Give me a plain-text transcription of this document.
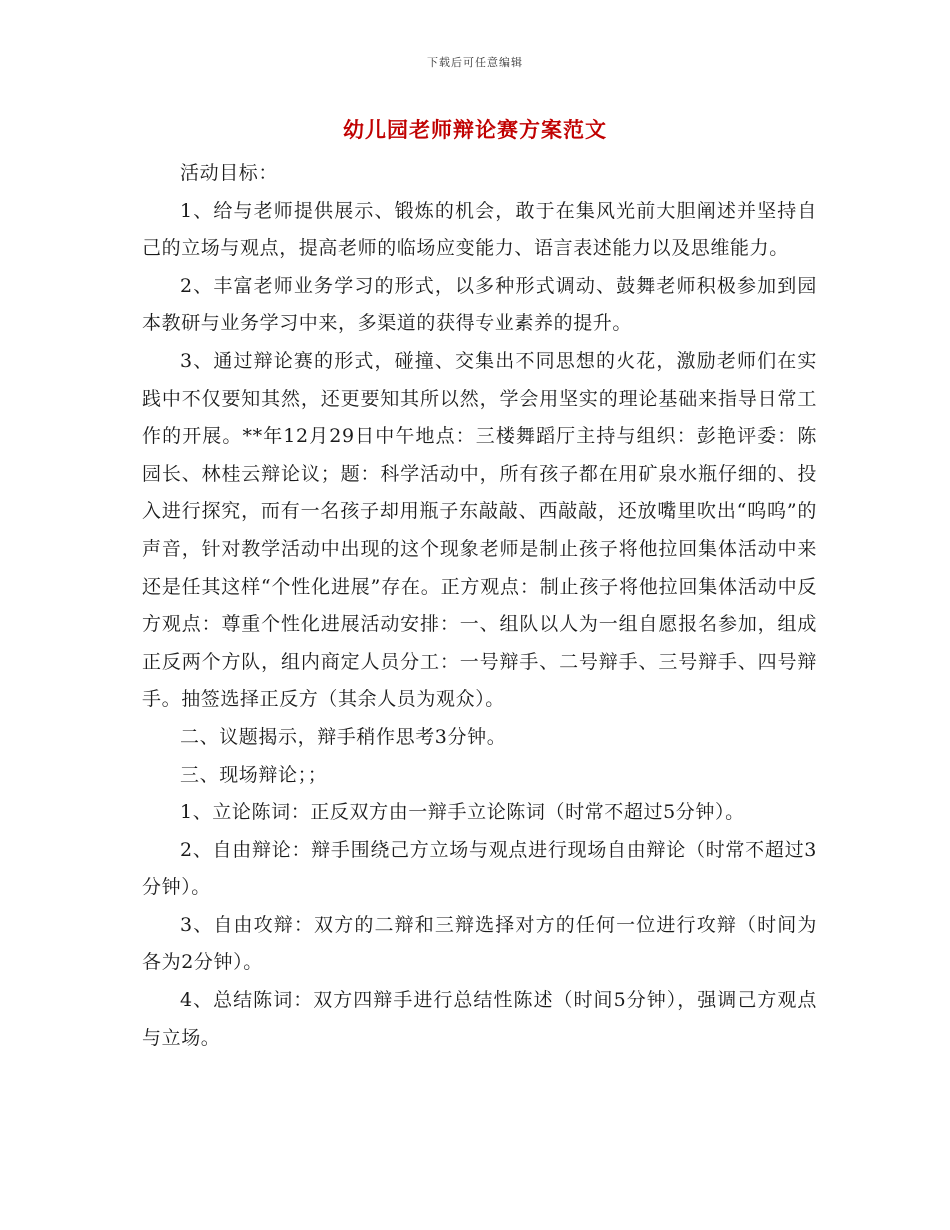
下载后可任意编辑
幼儿园老师辩论赛方案范文

活动目标：

1、给与老师提供展示、锻炼的机会，敢于在集风光前大胆阐述并坚持自己的立场与观点，提高老师的临场应变能力、语言表述能力以及思维能力。

2、丰富老师业务学习的形式，以多种形式调动、鼓舞老师积极参加到园本教研与业务学习中来，多渠道的获得专业素养的提升。

3、通过辩论赛的形式，碰撞、交集出不同思想的火花，激励老师们在实践中不仅要知其然，还更要知其所以然，学会用坚实的理论基础来指导日常工作的开展。**年12月29日中午地点：三楼舞蹈厅主持与组织：彭艳评委：陈园长、林桂云辩论议；题：科学活动中，所有孩子都在用矿泉水瓶仔细的、投入进行探究，而有一名孩子却用瓶子东敲敲、西敲敲，还放嘴里吹出“呜呜”的声音，针对教学活动中出现的这个现象老师是制止孩子将他拉回集体活动中来还是任其这样“个性化进展”存在。正方观点：制止孩子将他拉回集体活动中反方观点：尊重个性化进展活动安排：一、组队以人为一组自愿报名参加，组成正反两个方队，组内商定人员分工：一号辩手、二号辩手、三号辩手、四号辩手。抽签选择正反方（其余人员为观众）。

二、议题揭示，辩手稍作思考3分钟。

三、现场辩论；；

1、立论陈词：正反双方由一辩手立论陈词（时常不超过5分钟）。

2、自由辩论：辩手围绕己方立场与观点进行现场自由辩论（时常不超过3分钟）。

3、自由攻辩：双方的二辩和三辩选择对方的任何一位进行攻辩（时间为各为2分钟）。

4、总结陈词：双方四辩手进行总结性陈述（时间5分钟），强调己方观点与立场。
